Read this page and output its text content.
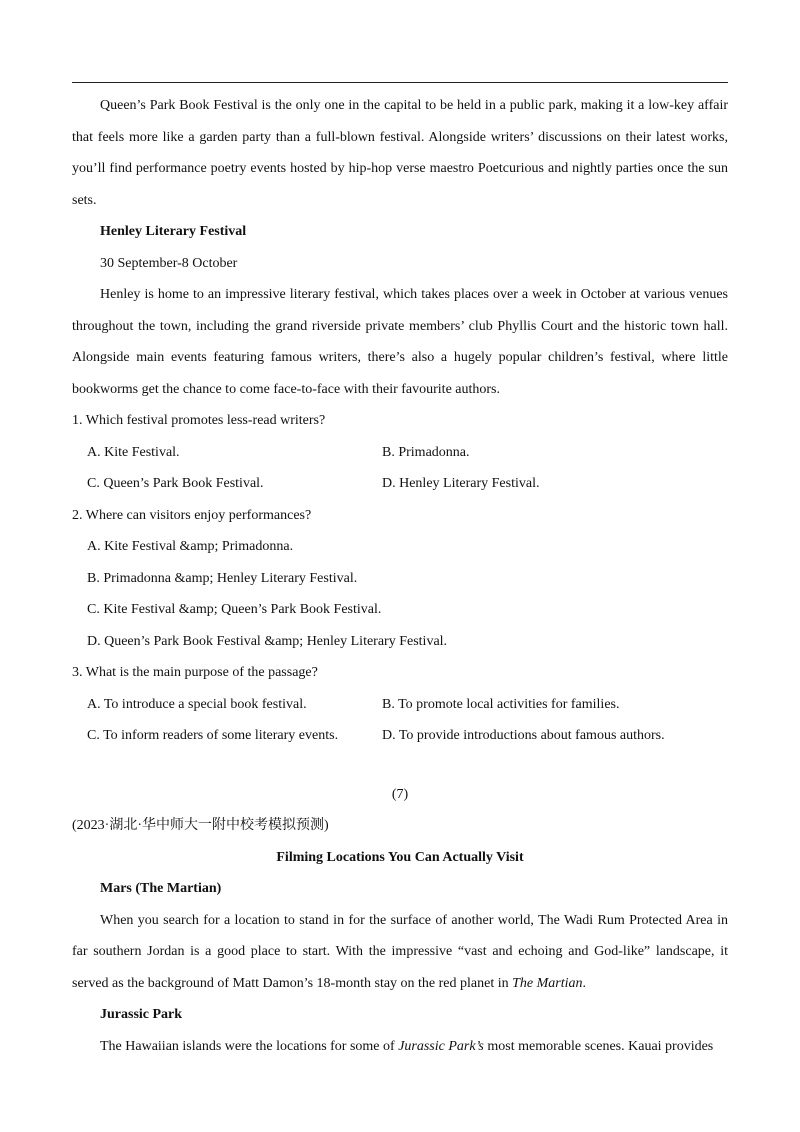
Queen’s Park Book Festival is the only one in the capital to be held in a public park, making it a low-key affair that feels more like a garden party than a full-blown festival. Alongside writers’ discussions on their latest works, you’ll find performance poetry events hosted by hip-hop verse maestro Poetcurious and nightly parties once the sun sets.

Henley Literary Festival

30 September-8 October

Henley is home to an impressive literary festival, which takes places over a week in October at various venues throughout the town, including the grand riverside private members’ club Phyllis Court and the historic town hall. Alongside main events featuring famous writers, there’s also a hugely popular children’s festival, where little bookworms get the chance to come face-to-face with their favourite authors.

1. Which festival promotes less-read writers?

A. Kite Festival.	B. Primadonna.
C. Queen’s Park Book Festival.	D. Henley Literary Festival.

2. Where can visitors enjoy performances?

A. Kite Festival &amp; Primadonna.

B. Primadonna &amp; Henley Literary Festival.

C. Kite Festival &amp; Queen’s Park Book Festival.

D. Queen’s Park Book Festival &amp; Henley Literary Festival.

3. What is the main purpose of the passage?

A. To introduce a special book festival.	B. To promote local activities for families.
C. To inform readers of some literary events.	D. To provide introductions about famous authors.

(7)

(2023·湖北·华中师大一附中校考模拟预测)

Filming Locations You Can Actually Visit

Mars (The Martian)

When you search for a location to stand in for the surface of another world, The Wadi Rum Protected Area in far southern Jordan is a good place to start. With the impressive “vast and echoing and God-like” landscape, it served as the background of Matt Damon’s 18-month stay on the red planet in The Martian.

Jurassic Park

The Hawaiian islands were the locations for some of Jurassic Park’s most memorable scenes. Kauai provides
